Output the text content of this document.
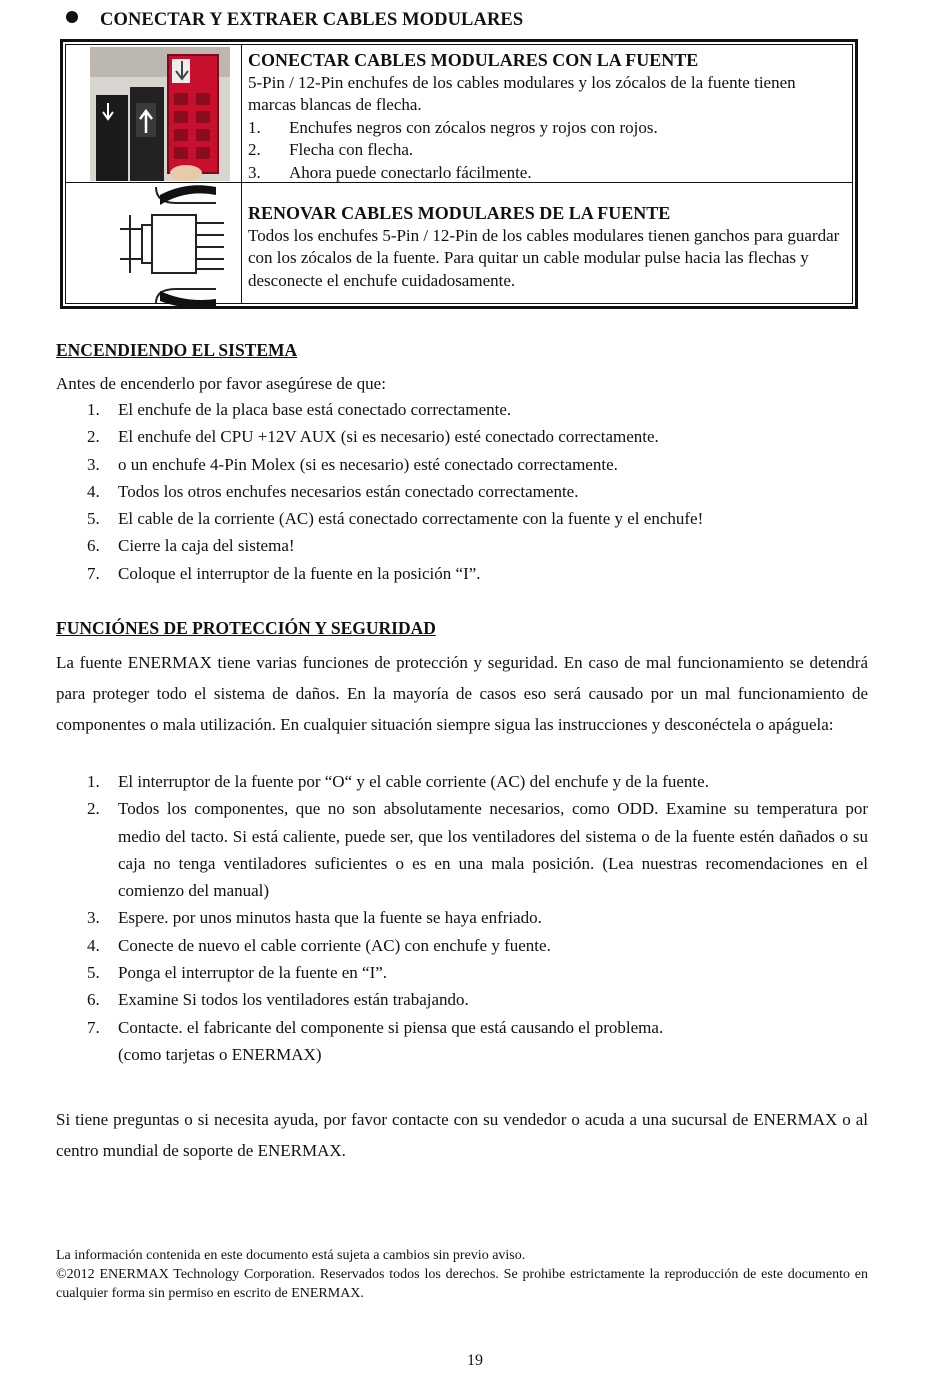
CONECTAR Y EXTRAER CABLES MODULARES
CONECTAR CABLES MODULARES CON LA FUENTE
5-Pin / 12-Pin enchufes de los cables modulares y los zócalos de la fuente tienen marcas blancas de flecha.
1. Enchufes negros con zócalos negros y rojos con rojos.
2. Flecha con flecha.
3. Ahora puede conectarlo fácilmente.
RENOVAR CABLES MODULARES DE LA FUENTE
Todos los enchufes 5-Pin / 12-Pin de los cables modulares tienen ganchos para guardar con los zócalos de la fuente. Para quitar un cable modular pulse hacia las flechas y desconecte el enchufe cuidadosamente.
ENCENDIENDO EL SISTEMA
Antes de encenderlo por favor asegúrese de que:
1. El enchufe de la placa base está conectado correctamente.
2. El enchufe del CPU +12V AUX (si es necesario) esté conectado correctamente.
3. o un enchufe 4-Pin Molex (si es necesario) esté conectado correctamente.
4. Todos los otros enchufes necesarios están conectado correctamente.
5. El cable de la corriente (AC) está conectado correctamente con la fuente y el enchufe!
6. Cierre la caja del sistema!
7. Coloque el interruptor de la fuente en la posición “I”.
FUNCIÓNES DE PROTECCIÓN Y SEGURIDAD
La fuente ENERMAX tiene varias funciones de protección y seguridad. En caso de mal funcionamiento se detendrá para proteger todo el sistema de daños. En la mayoría de casos eso será causado por un mal funcionamiento de componentes o mala utilización. En cualquier situación siempre sigua las instrucciones y desconéctela o apáguela:
1. El interruptor de la fuente por “O“ y el cable corriente (AC) del enchufe y de la fuente.
2. Todos los componentes, que no son absolutamente necesarios, como ODD. Examine su temperatura por medio del tacto. Si está caliente, puede ser, que los ventiladores del sistema o de la fuente estén dañados o su caja no tenga ventiladores suficientes o es en una mala posición. (Lea nuestras recomendaciones en el comienzo del manual)
3. Espere. por unos minutos hasta que la fuente se haya enfriado.
4. Conecte de nuevo el cable corriente (AC) con enchufe y fuente.
5. Ponga el interruptor de la fuente en “I”.
6. Examine Si todos los ventiladores están trabajando.
7. Contacte. el fabricante del componente si piensa que está causando el problema.
(como tarjetas o ENERMAX)
Si tiene preguntas o si necesita ayuda, por favor contacte con su vendedor o acuda a una sucursal de ENERMAX o al centro mundial de soporte de ENERMAX.
La información contenida en este documento está sujeta a cambios sin previo aviso.
©2012 ENERMAX Technology Corporation. Reservados todos los derechos. Se prohibe estrictamente la reproducción de este documento en cualquier forma sin permiso en escrito de ENERMAX.
19
